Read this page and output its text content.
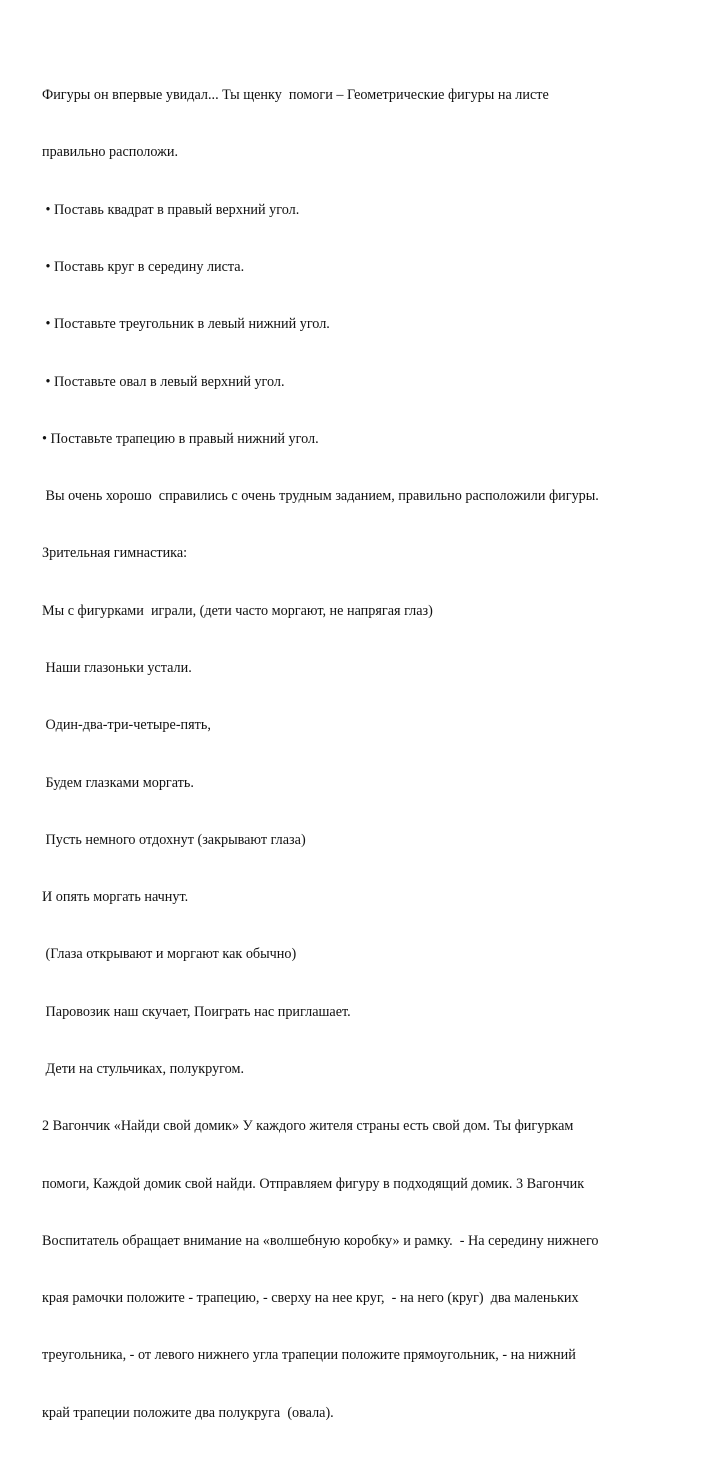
Фигуры он впервые увидал... Ты щенку  помоги – Геометрические фигуры на листе

правильно расположи.

• Поставь квадрат в правый верхний угол.

• Поставь круг в середину листа.

• Поставьте треугольник в левый нижний угол.

• Поставьте овал в левый верхний угол.

• Поставьте трапецию в правый нижний угол.

Вы очень хорошо  справились с очень трудным заданием, правильно расположили фигуры.

Зрительная гимнастика:

Мы с фигурками  играли, (дети часто моргают, не напрягая глаз)

Наши глазоньки устали.

Один-два-три-четыре-пять,

Будем глазками моргать.

Пусть немного отдохнут (закрывают глаза)

И опять моргать начнут.

(Глаза открывают и моргают как обычно)

Паровозик наш скучает, Поиграть нас приглашает.

Дети на стульчиках, полукругом.

2 Вагончик «Найди свой домик» У каждого жителя страны есть свой дом. Ты фигуркам

помоги, Каждой домик свой найди. Отправляем фигуру в подходящий домик. 3 Вагончик

Воспитатель обращает внимание на «волшебную коробку» и рамку.  - На середину нижнего

края рамочки положите - трапецию, - сверху на нее круг,  - на него (круг)  два маленьких

треугольника, - от левого нижнего угла трапеции положите прямоугольник, - на нижний

край трапеции положите два полукруга  (овала).
